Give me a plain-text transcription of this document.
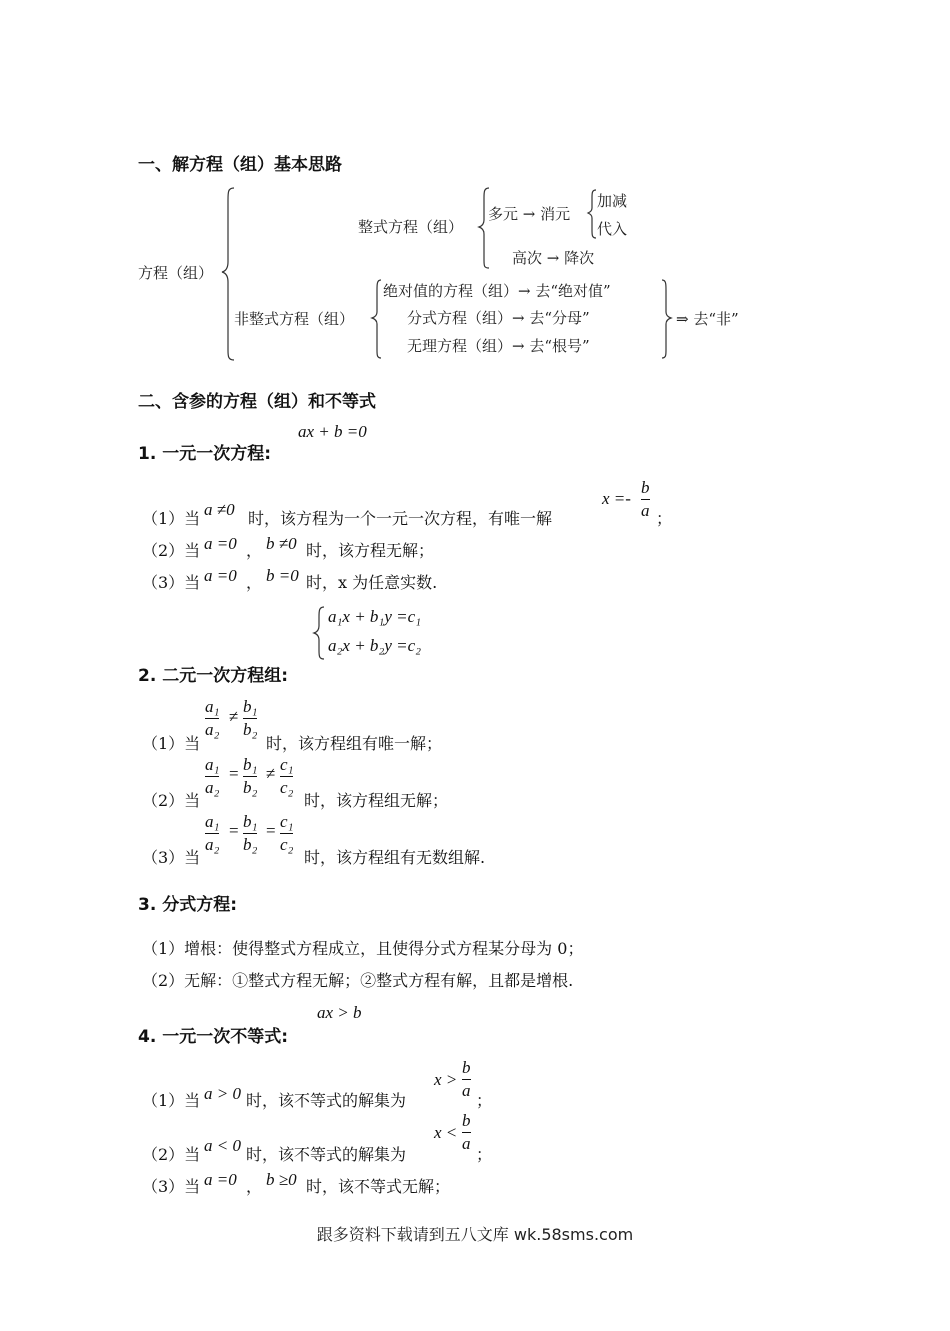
一、解方程（组）基本思路
方程（组）
整式方程（组）
多元 → 消元
加减
代入
高次 → 降次
非整式方程（组）
绝对值的方程（组）→ 去“绝对值”
分式方程（组）→ 去“分母”
无理方程（组）→ 去“根号”
⇒ 去“非”
二、含参的方程（组）和不等式
ax + b =0
1. 一元一次方程:
（1）当 a ≠0 时，该方程为一个一元一次方程，有唯一解
x =-
b
a ；
（2）当 a =0 ， b ≠0 时，该方程无解；
（3）当 a =0 ， b =0 时，x 为任意实数.
a₁x + b₁y =c₁
a₂x + b₂y =c₂
2. 二元一次方程组:
（1）当
a₁
a₂
≠
b₁
b₂
时，该方程组有唯一解；
（2）当
a₁
a₂
= b₁
b₂
≠ c₁
c₂
时，该方程组无解；
（3）当
a₁
a₂
= b₁
b₂
= c₁
c₂
时，该方程组有无数组解.
3. 分式方程:
（1）增根：使得整式方程成立，且使得分式方程某分母为 0；
（2）无解：①整式方程无解；②整式方程有解，且都是增根.
ax > b
4. 一元一次不等式:
（1）当 a > 0 时，该不等式的解集为
x >
b
a
；
（2）当 a < 0 时，该不等式的解集为
x <
b
a
；
（3）当 a =0 ， b ≥0 时，该不等式无解；
跟多资料下载请到五八文库 wk.58sms.com
